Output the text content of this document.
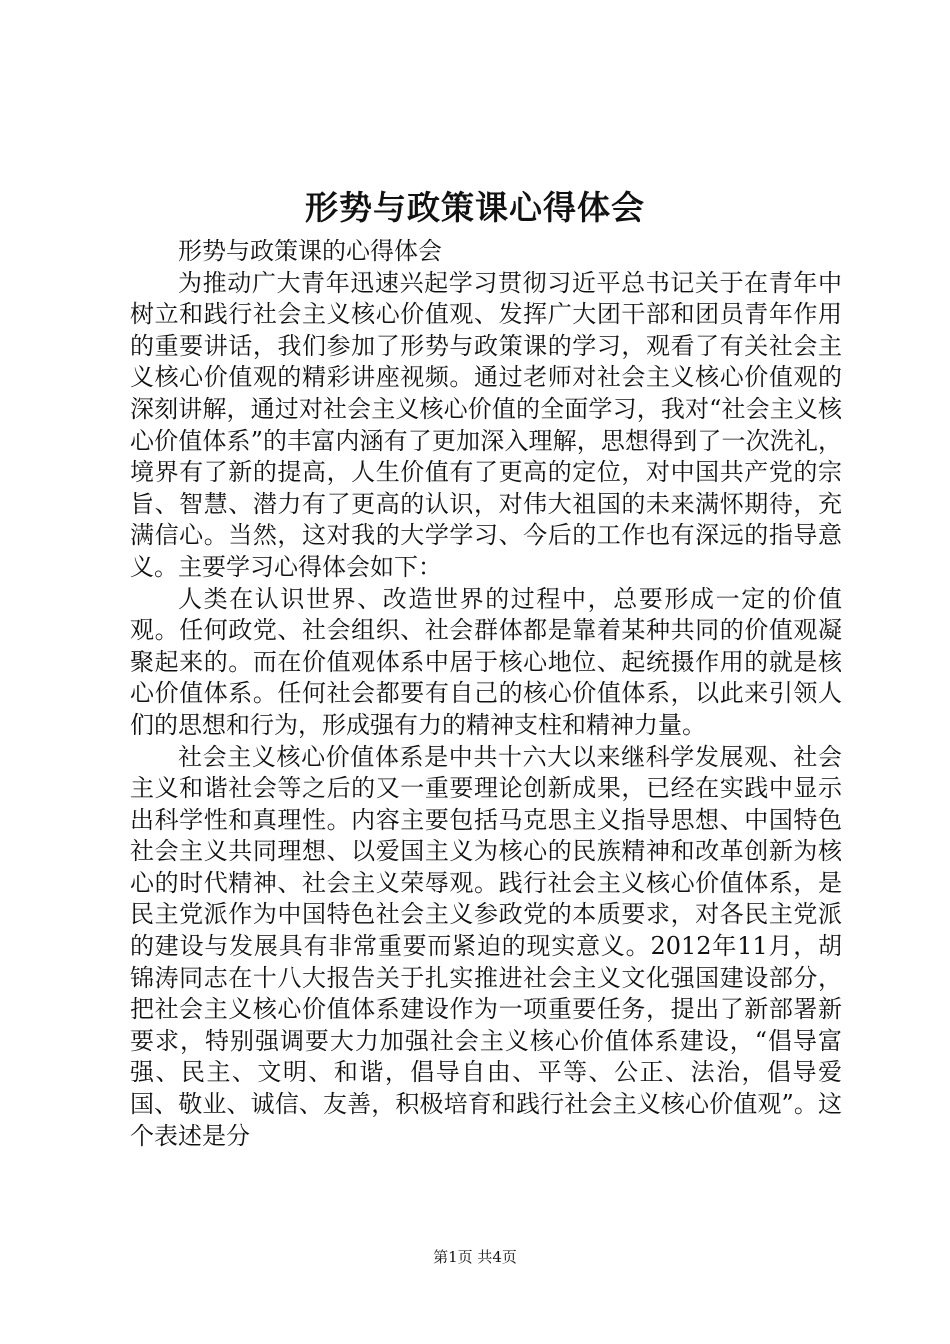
形势与政策课心得体会

形势与政策课的心得体会

为推动广大青年迅速兴起学习贯彻习近平总书记关于在青年中树立和践行社会主义核心价值观、发挥广大团干部和团员青年作用的重要讲话，我们参加了形势与政策课的学习，观看了有关社会主义核心价值观的精彩讲座视频。通过老师对社会主义核心价值观的深刻讲解，通过对社会主义核心价值的全面学习，我对“社会主义核心价值体系”的丰富内涵有了更加深入理解，思想得到了一次洗礼，境界有了新的提高，人生价值有了更高的定位，对中国共产党的宗旨、智慧、潜力有了更高的认识，对伟大祖国的未来满怀期待，充满信心。当然，这对我的大学学习、今后的工作也有深远的指导意义。主要学习心得体会如下：

人类在认识世界、改造世界的过程中，总要形成一定的价值观。任何政党、社会组织、社会群体都是靠着某种共同的价值观凝聚起来的。而在价值观体系中居于核心地位、起统摄作用的就是核心价值体系。任何社会都要有自己的核心价值体系，以此来引领人们的思想和行为，形成强有力的精神支柱和精神力量。

社会主义核心价值体系是中共十六大以来继科学发展观、社会主义和谐社会等之后的又一重要理论创新成果，已经在实践中显示出科学性和真理性。内容主要包括马克思主义指导思想、中国特色社会主义共同理想、以爱国主义为核心的民族精神和改革创新为核心的时代精神、社会主义荣辱观。践行社会主义核心价值体系，是民主党派作为中国特色社会主义参政党的本质要求，对各民主党派的建设与发展具有非常重要而紧迫的现实意义。2012年11月，胡锦涛同志在十八大报告关于扎实推进社会主义文化强国建设部分，把社会主义核心价值体系建设作为一项重要任务，提出了新部署新要求，特别强调要大力加强社会主义核心价值体系建设，“倡导富强、民主、文明、和谐，倡导自由、平等、公正、法治，倡导爱国、敬业、诚信、友善，积极培育和践行社会主义核心价值观”。这个表述是分

第1页 共4页
